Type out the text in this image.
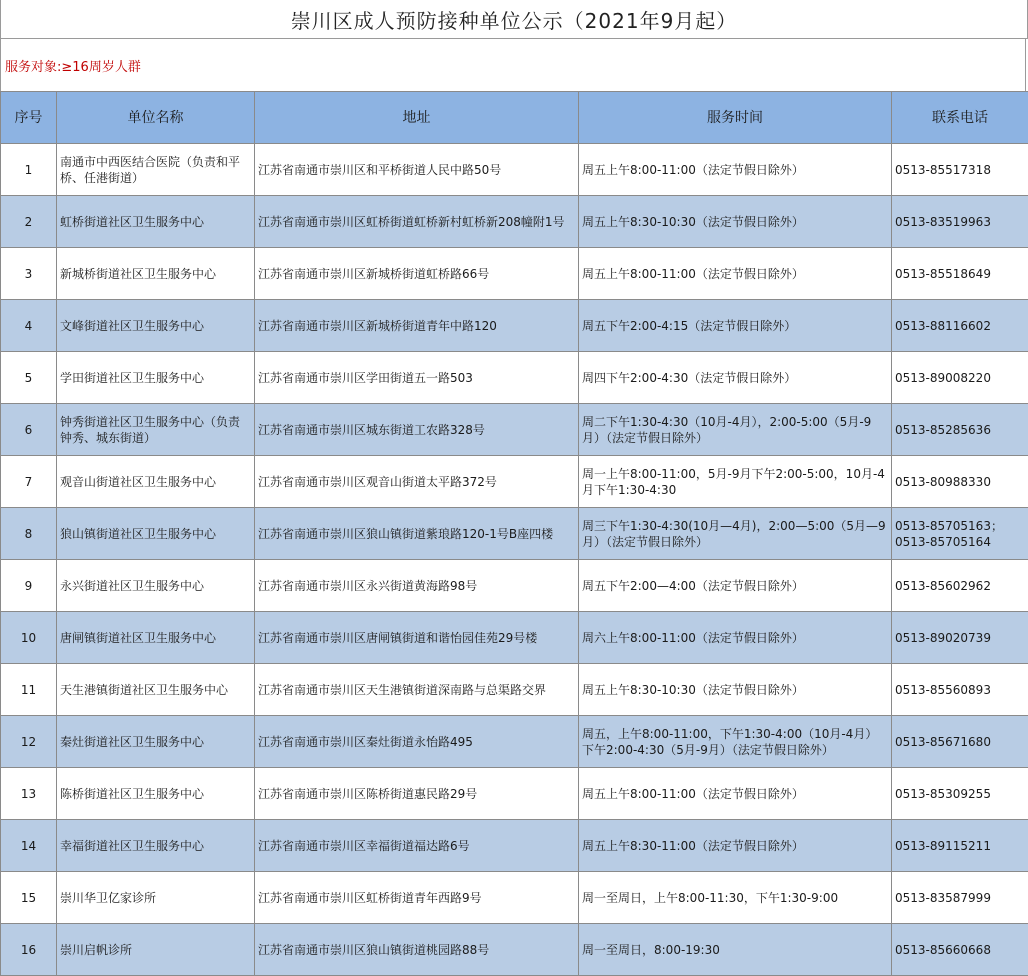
崇川区成人预防接种单位公示（2021年9月起）
服务对象:≥16周岁人群
序号	单位名称	地址	服务时间	联系电话
1	南通市中西医结合医院（负责和平桥、任港街道）	江苏省南通市崇川区和平桥街道人民中路50号	周五上午8:00-11:00（法定节假日除外）	0513-85517318
2	虹桥街道社区卫生服务中心	江苏省南通市崇川区虹桥街道虹桥新村虹桥新208幢附1号	周五上午8:30-10:30（法定节假日除外）	0513-83519963
3	新城桥街道社区卫生服务中心	江苏省南通市崇川区新城桥街道虹桥路66号	周五上午8:00-11:00（法定节假日除外）	0513-85518649
4	文峰街道社区卫生服务中心	江苏省南通市崇川区新城桥街道青年中路120	周五下午2:00-4:15（法定节假日除外）	0513-88116602
5	学田街道社区卫生服务中心	江苏省南通市崇川区学田街道五一路503	周四下午2:00-4:30（法定节假日除外）	0513-89008220
6	钟秀街道社区卫生服务中心（负责钟秀、城东街道）	江苏省南通市崇川区城东街道工农路328号	周二下午1:30-4:30（10月-4月），2:00-5:00（5月-9月）（法定节假日除外）	0513-85285636
7	观音山街道社区卫生服务中心	江苏省南通市崇川区观音山街道太平路372号	周一上午8:00-11:00，5月-9月下午2:00-5:00，10月-4月下午1:30-4:30	0513-80988330
8	狼山镇街道社区卫生服务中心	江苏省南通市崇川区狼山镇街道紫琅路120-1号B座四楼	周三下午1:30-4:30(10月—4月)，2:00—5:00（5月—9月）（法定节假日除外）	0513-85705163；0513-85705164
9	永兴街道社区卫生服务中心	江苏省南通市崇川区永兴街道黄海路98号	周五下午2:00—4:00（法定节假日除外）	0513-85602962
10	唐闸镇街道社区卫生服务中心	江苏省南通市崇川区唐闸镇街道和谐怡园佳苑29号楼	周六上午8:00-11:00（法定节假日除外）	0513-89020739
11	天生港镇街道社区卫生服务中心	江苏省南通市崇川区天生港镇街道深南路与总渠路交界	周五上午8:30-10:30（法定节假日除外）	0513-85560893
12	秦灶街道社区卫生服务中心	江苏省南通市崇川区秦灶街道永怡路495	周五，上午8:00-11:00，下午1:30-4:00（10月-4月）下午2:00-4:30（5月-9月）（法定节假日除外）	0513-85671680
13	陈桥街道社区卫生服务中心	江苏省南通市崇川区陈桥街道惠民路29号	周五上午8:00-11:00（法定节假日除外）	0513-85309255
14	幸福街道社区卫生服务中心	江苏省南通市崇川区幸福街道福达路6号	周五上午8:30-11:00（法定节假日除外）	0513-89115211
15	崇川华卫亿家诊所	江苏省南通市崇川区虹桥街道青年西路9号	周一至周日，上午8:00-11:30，下午1:30-9:00	0513-83587999
16	崇川启帆诊所	江苏省南通市崇川区狼山镇街道桃园路88号	周一至周日，8:00-19:30	0513-85660668
